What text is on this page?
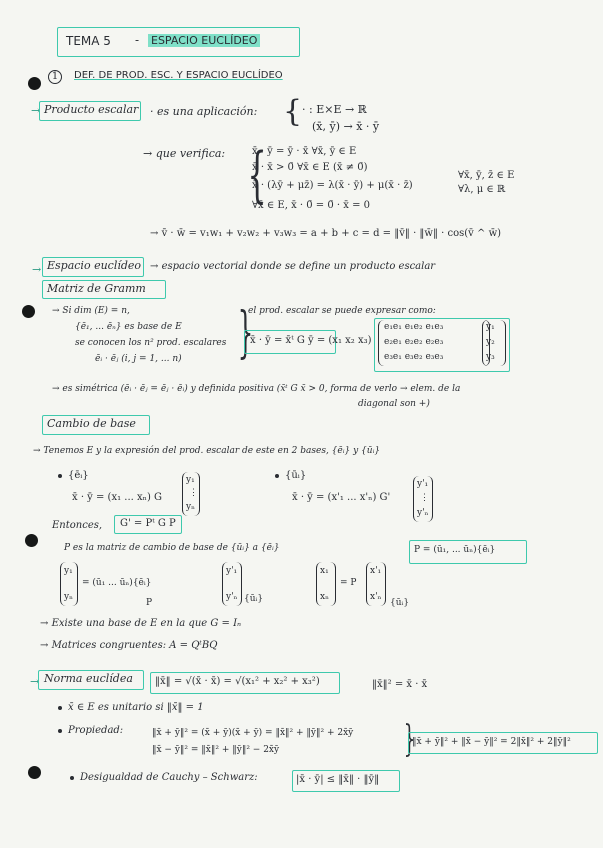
TEMA 5 - ESPACIO EUCLÍDEO
1	DEF. DE PROD. ESC. Y ESPACIO EUCLÍDEO
→ Producto escalar · es una aplicación: { · : E×E → ℝ
(x̄, ȳ) → x̄ · ȳ
→ que verifica: {
x̄ · ȳ = ȳ · x̄ ∀x̄, ȳ ∈ E
x̄ · x̄ > 0̄ ∀x̄ ∈ E (x̄ ≠ 0̄)
x̄ · (λȳ + μz̄) = λ(x̄ · ȳ) + μ(x̄ · z̄)
∀x̄ ∈ E, x̄ · 0̄ = 0̄ · x̄ = 0
∀x̄, ȳ, z̄ ∈ E
∀λ, μ ∈ ℝ
→ v̄ · w̄ = v₁w₁ + v₂w₂ + v₃w₃ = a + b + c = d = ‖v̄‖ · ‖w̄‖ · cos(v̄ ^ w̄)
→ Espacio euclídeo → espacio vectorial donde se define un producto escalar
Matriz de Gramm
→ Si dim (E) = n,
{ē₁, ... ēₙ} es base de E
se conocen los n² prod. escalares
ēᵢ · ēⱼ (i, j = 1, ... n) }
el prod. escalar se puede expresar como:
x̄ · ȳ = x̄ᵗ G ȳ = (x₁ x₂ x₃)
e₁e₁ e₁e₂ e₁e₃
e₂e₁ e₂e₂ e₂e₃
e₃e₁ e₃e₂ e₃e₃
y₁
y₂
y₃
→ es simétrica (ēᵢ · ēⱼ = ēⱼ · ēᵢ) y definida positiva (x̄ᵗ G x̄ > 0, forma de verlo → elem. de la
diagonal son +)
Cambio de base
→ Tenemos E y la expresión del prod. escalar de este en 2 bases, {ēᵢ} y {ūᵢ}
{ēᵢ}
x̄ · ȳ = (x₁ ... xₙ) G
y₁
⋮
yₙ
{ūᵢ}
x̄ · ȳ = (x'₁ ... x'ₙ) G'
y'₁
⋮
y'ₙ
Entonces, G' = Pᵗ G P
P es la matriz de cambio de base de {ūᵢ} a {ēᵢ}	P = (ū₁, ... ūₙ){ēᵢ}
y₁
yₙ
= (ū₁ ... ūₙ){ēᵢ}
P
y'₁
y'ₙ {ūᵢ}
x₁
xₙ
= P
x'₁
x'ₙ
{ūᵢ}
→ Existe una base de E en la que G = Iₙ
→ Matrices congruentes: A = QᵗBQ
→ Norma euclídea ‖x̄‖ = √(x̄ · x̄) = √(x₁² + x₂² + x₃²)	‖x̄‖² = x̄ · x̄
x̄ ∈ E es unitario si ‖x̄‖ = 1
Propiedad:	‖x̄ + ȳ‖² = (x̄ + ȳ)(x̄ + ȳ) = ‖x̄‖² + ‖ȳ‖² + 2x̄ȳ
‖x̄ − ȳ‖² = ‖x̄‖² + ‖ȳ‖² − 2x̄ȳ	}
‖x̄ + ȳ‖² + ‖x̄ − ȳ‖² = 2‖x̄‖² + 2‖ȳ‖²
Desigualdad de Cauchy – Schwarz:	|x̄ · ȳ| ≤ ‖x̄‖ · ‖ȳ‖
